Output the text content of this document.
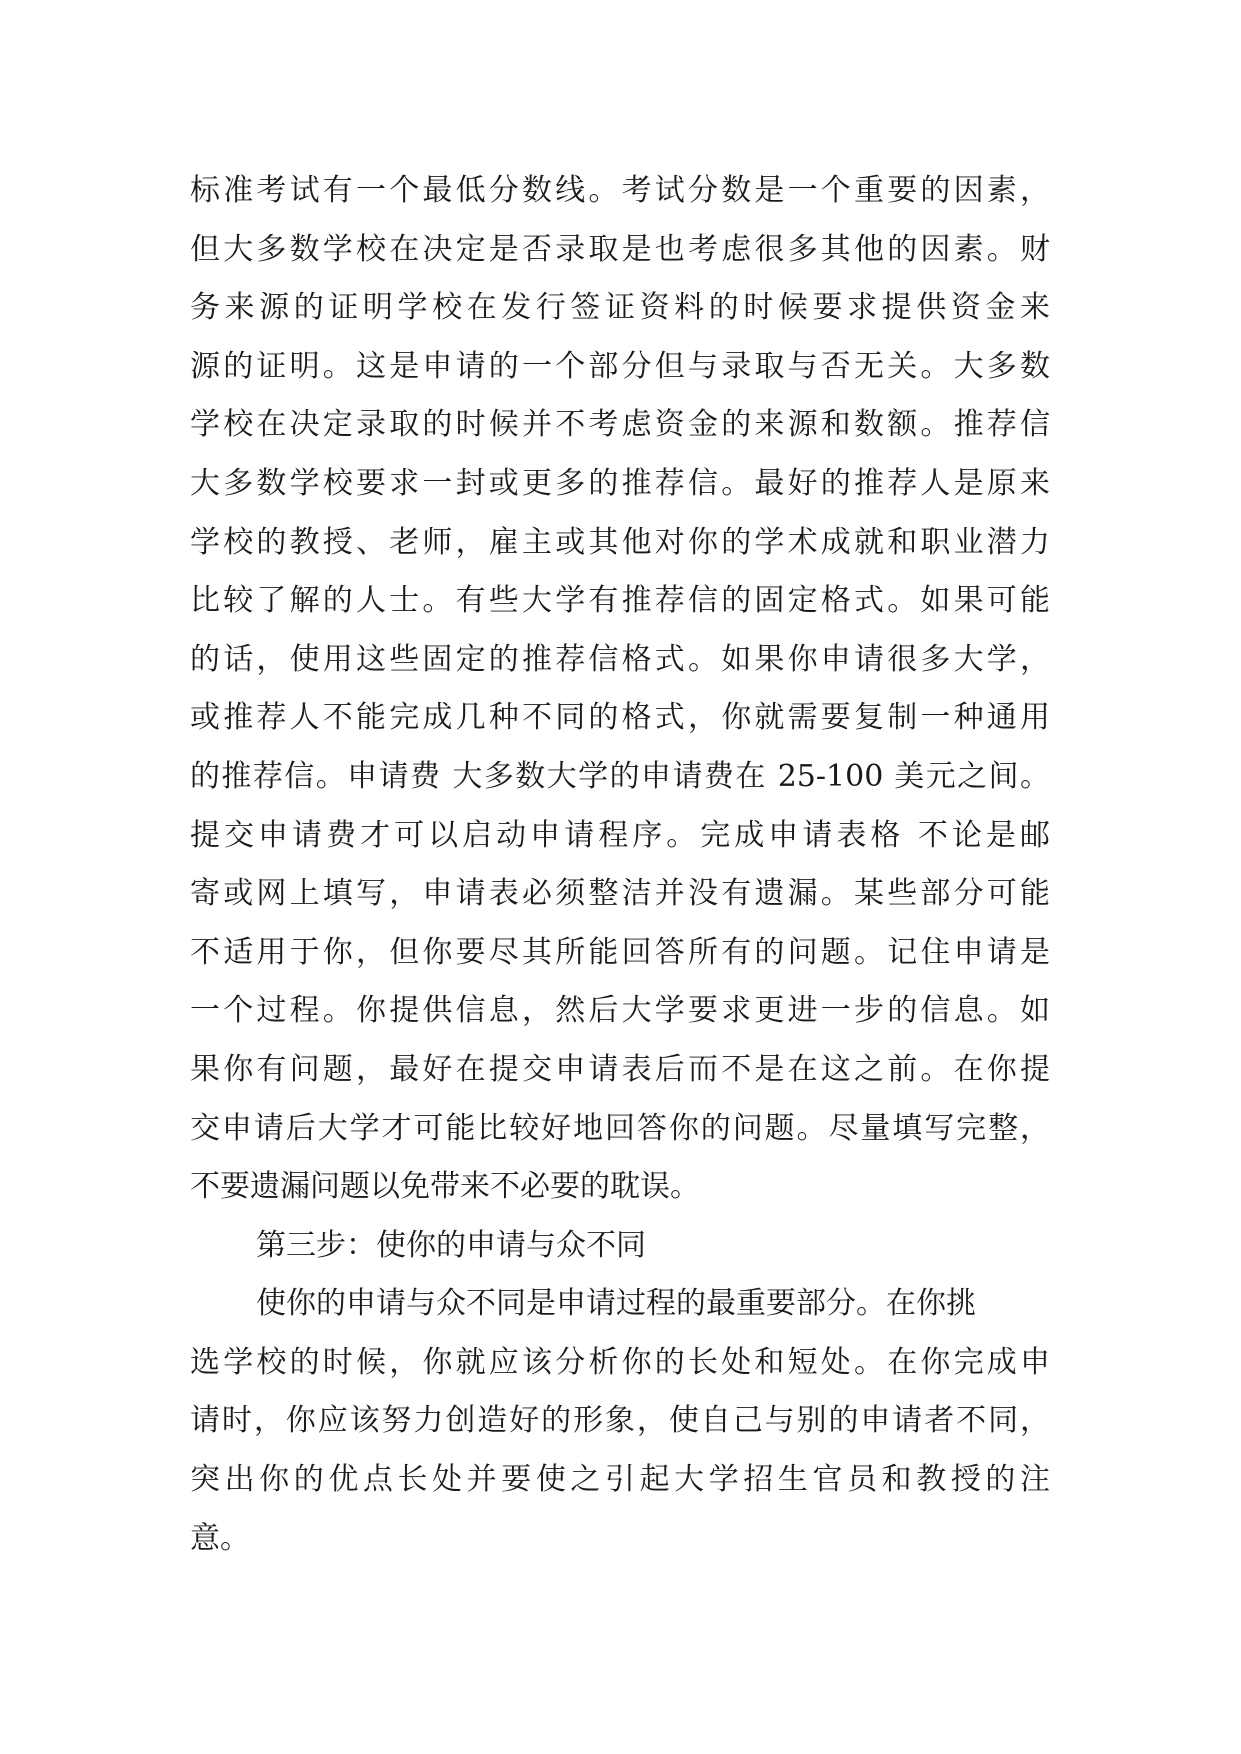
标准考试有一个最低分数线。考试分数是一个重要的因素，
但大多数学校在决定是否录取是也考虑很多其他的因素。财
务来源的证明学校在发行签证资料的时候要求提供资金来
源的证明。这是申请的一个部分但与录取与否无关。大多数
学校在决定录取的时候并不考虑资金的来源和数额。推荐信
大多数学校要求一封或更多的推荐信。最好的推荐人是原来
学校的教授、老师，雇主或其他对你的学术成就和职业潜力
比较了解的人士。有些大学有推荐信的固定格式。如果可能
的话，使用这些固定的推荐信格式。如果你申请很多大学，
或推荐人不能完成几种不同的格式，你就需要复制一种通用
的推荐信。申请费 大多数大学的申请费在 25-100 美元之间。
提交申请费才可以启动申请程序。完成申请表格 不论是邮
寄或网上填写，申请表必须整洁并没有遗漏。某些部分可能
不适用于你，但你要尽其所能回答所有的问题。记住申请是
一个过程。你提供信息，然后大学要求更进一步的信息。如
果你有问题，最好在提交申请表后而不是在这之前。在你提
交申请后大学才可能比较好地回答你的问题。尽量填写完整，
不要遗漏问题以免带来不必要的耽误。
第三步：使你的申请与众不同
使你的申请与众不同是申请过程的最重要部分。在你挑
选学校的时候，你就应该分析你的长处和短处。在你完成申
请时，你应该努力创造好的形象，使自己与别的申请者不同，
突出你的优点长处并要使之引起大学招生官员和教授的注
意。
